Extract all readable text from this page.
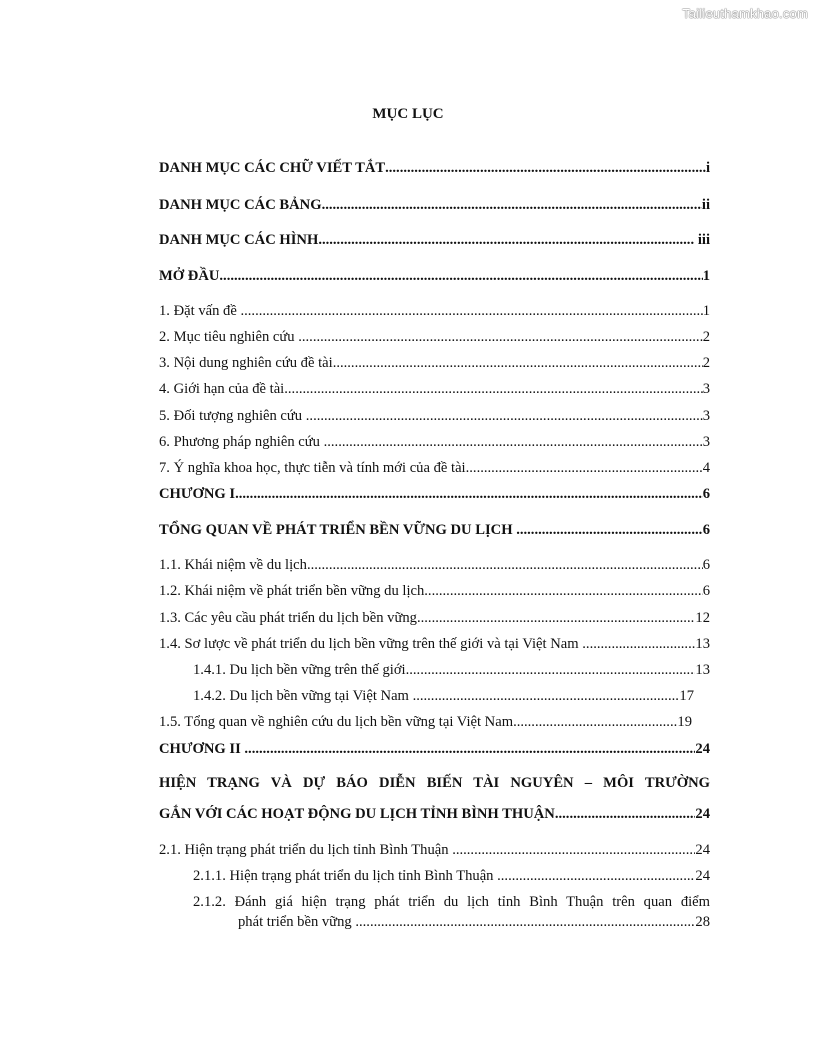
Tailieuthamkhao.com
MỤC LỤC
DANH MỤC CÁC CHỮ VIẾT TẮT .....	i
DANH MỤC CÁC BẢNG .....	ii
DANH MỤC CÁC HÌNH .....	iii
MỞ ĐẦU .....	1
1. Đặt vấn đề .....	1
2. Mục tiêu nghiên cứu .....	2
3. Nội dung nghiên cứu đề tài .....	2
4. Giới hạn của đề tài .....	3
5. Đối tượng nghiên cứu .....	3
6. Phương pháp nghiên cứu .....	3
7. Ý nghĩa khoa học, thực tiễn và tính mới của đề tài .....	4
CHƯƠNG I .....	6
TỔNG QUAN VỀ PHÁT TRIỂN BỀN VỮNG DU LỊCH .....	6
1.1. Khái niệm về du lịch .....	6
1.2. Khái niệm về phát triển bền vững du lịch .....	6
1.3. Các yêu cầu phát triển du lịch bền vững .....	12
1.4. Sơ lược về phát triển du lịch bền vững trên thế giới và tại Việt Nam .....	13
1.4.1. Du lịch bền vững trên thế giới .....	13
1.4.2. Du lịch bền vững tại Việt Nam .....	17
1.5. Tổng quan về nghiên cứu du lịch bền vững tại Việt Nam .....	19
CHƯƠNG II .....	24
HIỆN TRẠNG VÀ DỰ BÁO DIỄN BIẾN TÀI NGUYÊN – MÔI TRƯỜNG
GẮN VỚI CÁC HOẠT ĐỘNG DU LỊCH TỈNH BÌNH THUẬN .....	24
2.1. Hiện trạng phát triển du lịch tỉnh Bình Thuận .....	24
2.1.1. Hiện trạng phát triển du lịch tỉnh Bình Thuận .....	24
2.1.2. Đánh giá hiện trạng phát triển du lịch tỉnh Bình Thuận trên quan điểm
phát triển bền vững .....	28
